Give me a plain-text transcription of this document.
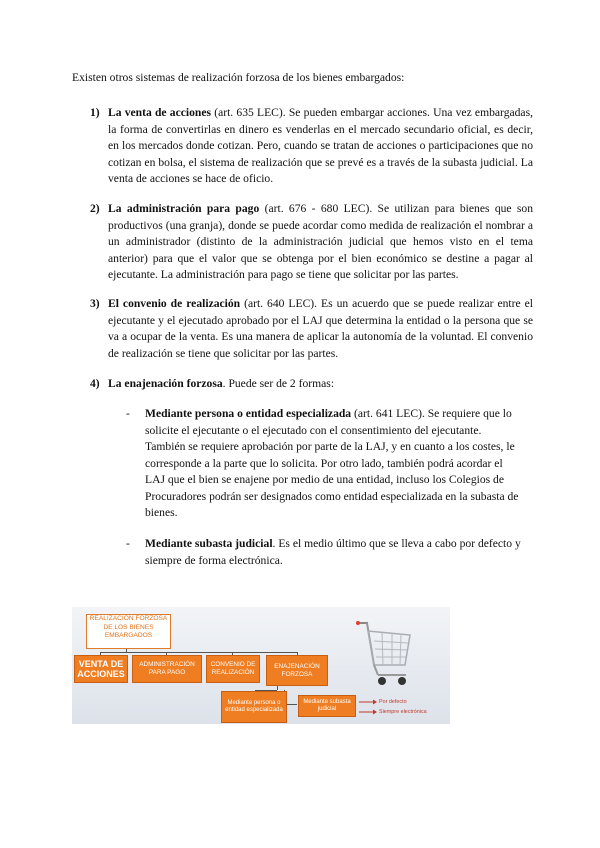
Existen otros sistemas de realización forzosa de los bienes embargados:

1) La venta de acciones (art. 635 LEC). Se pueden embargar acciones. Una vez embargadas, la forma de convertirlas en dinero es venderlas en el mercado secundario oficial, es decir, en los mercados donde cotizan. Pero, cuando se tratan de acciones o participaciones que no cotizan en bolsa, el sistema de realización que se prevé es a través de la subasta judicial. La venta de acciones se hace de oficio.

2) La administración para pago (art. 676 - 680 LEC). Se utilizan para bienes que son productivos (una granja), donde se puede acordar como medida de realización el nombrar a un administrador (distinto de la administración judicial que hemos visto en el tema anterior) para que el valor que se obtenga por el bien económico se destine a pagar al ejecutante. La administración para pago se tiene que solicitar por las partes.

3) El convenio de realización (art. 640 LEC). Es un acuerdo que se puede realizar entre el ejecutante y el ejecutado aprobado por el LAJ que determina la entidad o la persona que se va a ocupar de la venta. Es una manera de aplicar la autonomía de la voluntad. El convenio de realización se tiene que solicitar por las partes.

4) La enajenación forzosa. Puede ser de 2 formas:

- Mediante persona o entidad especializada (art. 641 LEC). Se requiere que lo solicite el ejecutante o el ejecutado con el consentimiento del ejecutante. También se requiere aprobación por parte de la LAJ, y en cuanto a los costes, le corresponde a la parte que lo solicita. Por otro lado, también podrá acordar el LAJ que el bien se enajene por medio de una entidad, incluso los Colegios de Procuradores podrán ser designados como entidad especializada en la subasta de bienes.

- Mediante subasta judicial. Es el medio último que se lleva a cabo por defecto y siempre de forma electrónica.

REALIZACIÓN FORZOSA DE LOS BIENES EMBARGADOS
VENTA DE ACCIONES
ADMINISTRACIÓN PARA PAGO
CONVENIO DE REALIZACIÓN
ENAJENACIÓN FORZOSA
Mediante persona o entidad especializada
Mediante subasta judicial
Por defecto
Siempre electrónica
